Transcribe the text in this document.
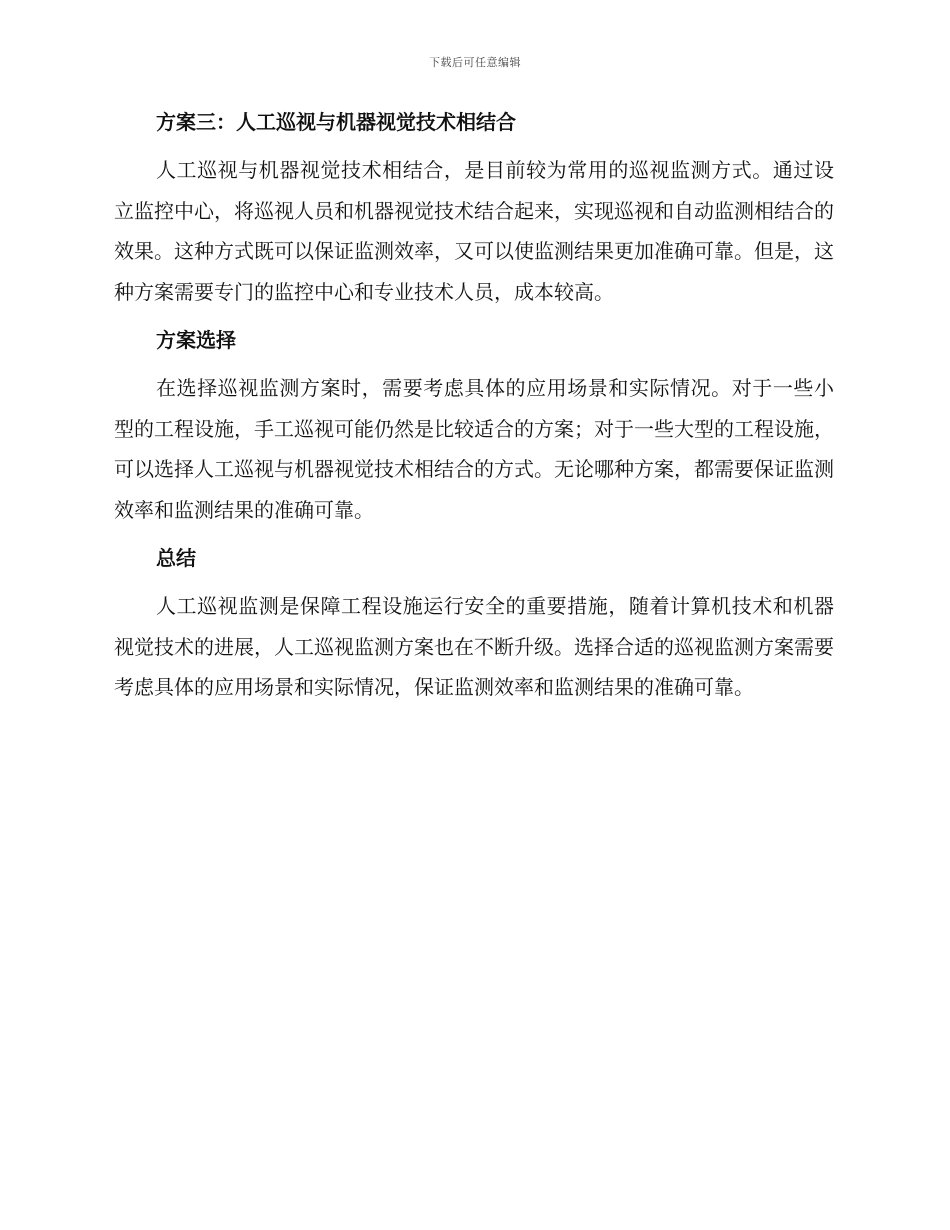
下载后可任意编辑
方案三：人工巡视与机器视觉技术相结合

人工巡视与机器视觉技术相结合，是目前较为常用的巡视监测方式。通过设立监控中心，将巡视人员和机器视觉技术结合起来，实现巡视和自动监测相结合的效果。这种方式既可以保证监测效率，又可以使监测结果更加准确可靠。但是，这种方案需要专门的监控中心和专业技术人员，成本较高。

方案选择

在选择巡视监测方案时，需要考虑具体的应用场景和实际情况。对于一些小型的工程设施，手工巡视可能仍然是比较适合的方案；对于一些大型的工程设施，可以选择人工巡视与机器视觉技术相结合的方式。无论哪种方案，都需要保证监测效率和监测结果的准确可靠。

总结

人工巡视监测是保障工程设施运行安全的重要措施，随着计算机技术和机器视觉技术的进展，人工巡视监测方案也在不断升级。选择合适的巡视监测方案需要考虑具体的应用场景和实际情况，保证监测效率和监测结果的准确可靠。
